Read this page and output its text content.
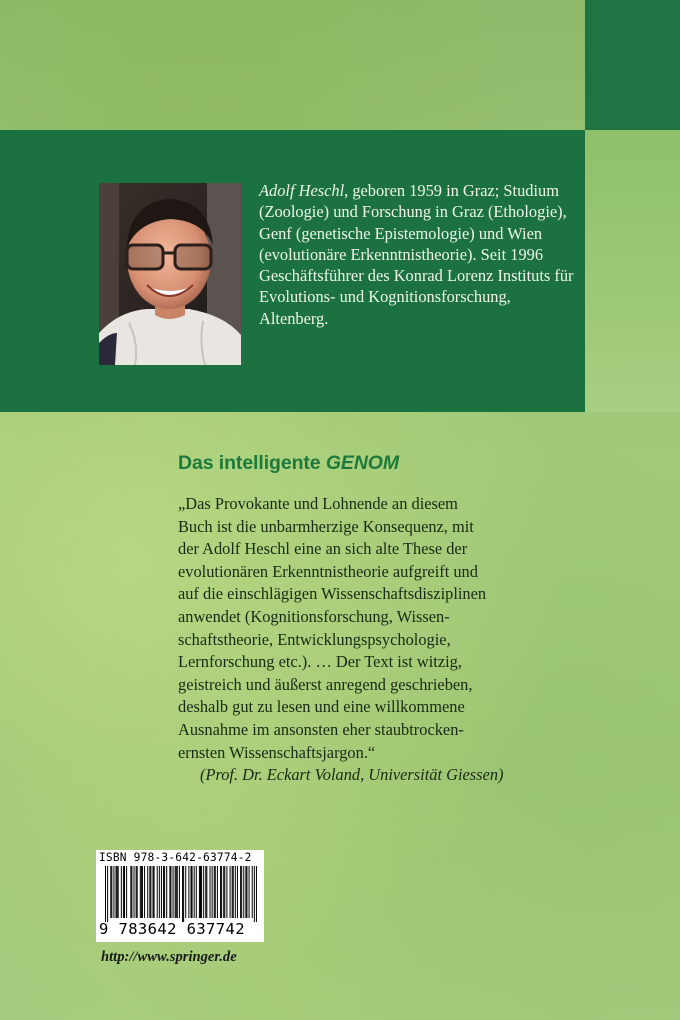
Adolf Heschl, geboren 1959 in Graz; Studium (Zoologie) und Forschung in Graz (Ethologie), Genf (genetische Epistemologie) und Wien (evolutionäre Erkenntnistheorie). Seit 1996 Geschäftsführer des Konrad Lorenz Instituts für Evolutions- und Kognitionsforschung, Altenberg.

Das intelligente GENOM
„Das Provokante und Lohnende an diesem
Buch ist die unbarmherzige Konsequenz, mit
der Adolf Heschl eine an sich alte These der
evolutionären Erkenntnistheorie aufgreift und
auf die einschlägigen Wissenschaftsdisziplinen
anwendet (Kognitionsforschung, Wissen-
schaftstheorie, Entwicklungspsychologie,
Lernforschung etc.). … Der Text ist witzig,
geistreich und äußerst anregend geschrieben,
deshalb gut zu lesen und eine willkommene
Ausnahme im ansonsten eher staubtrocken-
ernsten Wissenschaftsjargon.“
(Prof. Dr. Eckart Voland, Universität Giessen)
ISBN 978-3-642-63774-2
9 783642 637742
http://www.springer.de
